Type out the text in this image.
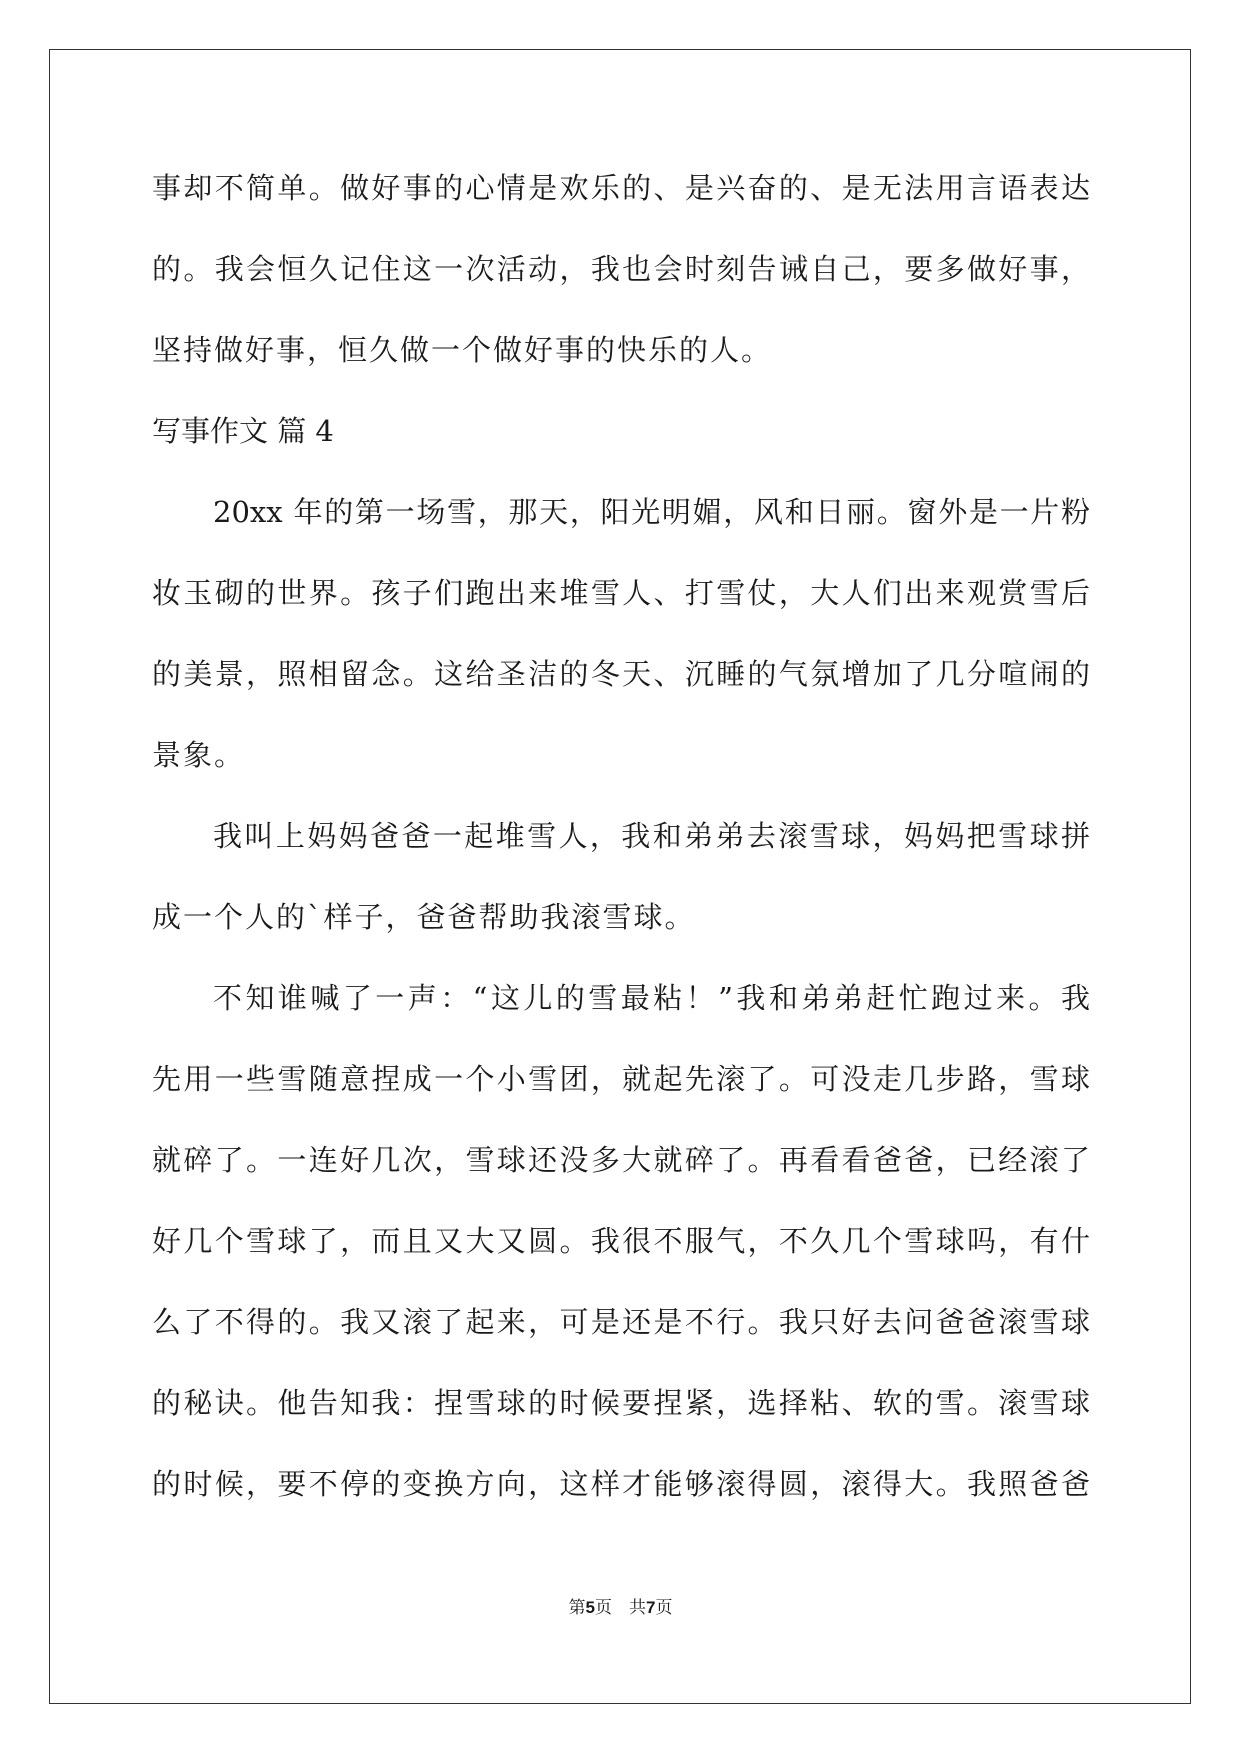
事却不简单。做好事的心情是欢乐的、是兴奋的、是无法用言语表达
的。我会恒久记住这一次活动，我也会时刻告诫自己，要多做好事，
坚持做好事，恒久做一个做好事的快乐的人。
写事作文 篇 4
20xx 年的第一场雪，那天，阳光明媚，风和日丽。窗外是一片粉
妆玉砌的世界。孩子们跑出来堆雪人、打雪仗，大人们出来观赏雪后
的美景，照相留念。这给圣洁的冬天、沉睡的气氛增加了几分喧闹的
景象。
我叫上妈妈爸爸一起堆雪人，我和弟弟去滚雪球，妈妈把雪球拼
成一个人的`样子，爸爸帮助我滚雪球。
不知谁喊了一声：“这儿的雪最粘！”我和弟弟赶忙跑过来。我
先用一些雪随意捏成一个小雪团，就起先滚了。可没走几步路，雪球
就碎了。一连好几次，雪球还没多大就碎了。再看看爸爸，已经滚了
好几个雪球了，而且又大又圆。我很不服气，不久几个雪球吗，有什
么了不得的。我又滚了起来，可是还是不行。我只好去问爸爸滚雪球
的秘诀。他告知我：捏雪球的时候要捏紧，选择粘、软的雪。滚雪球
的时候，要不停的变换方向，这样才能够滚得圆，滚得大。我照爸爸
第5页　共7页
